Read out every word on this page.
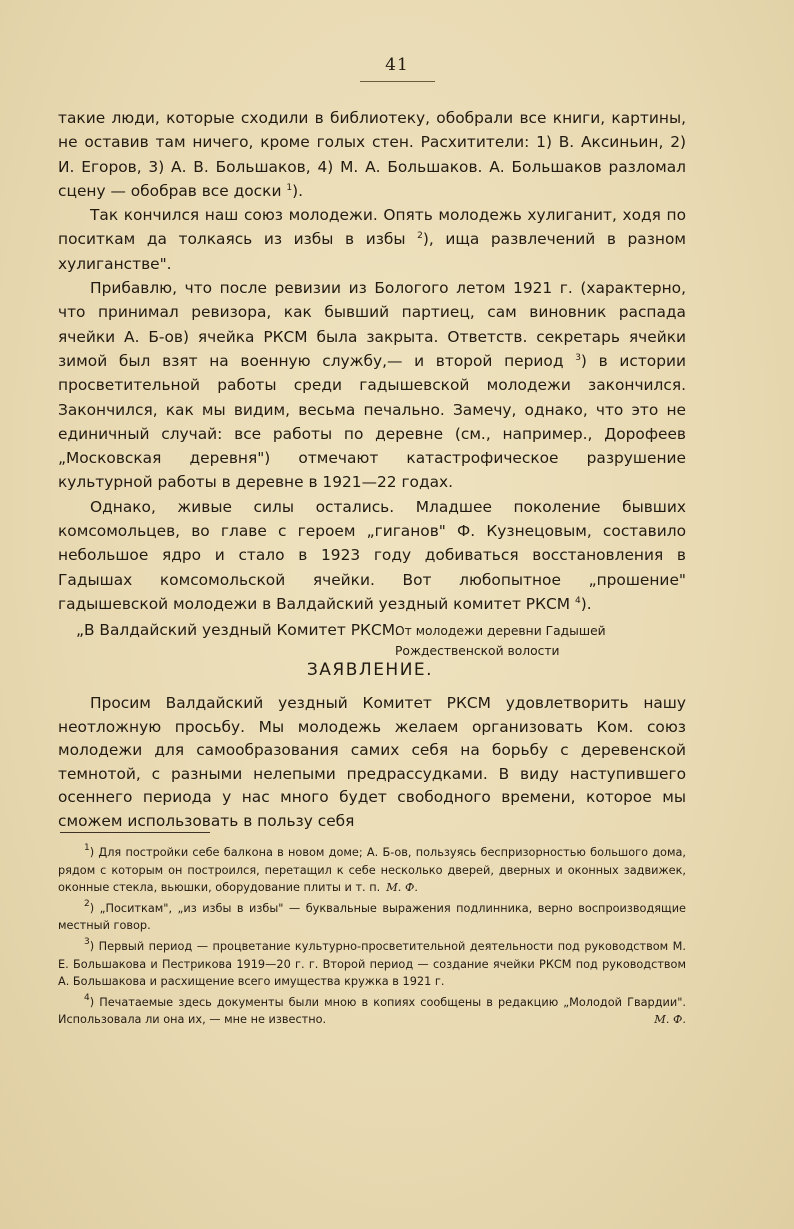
41

такие люди, которые сходили в библиотеку, обобрали все книги, картины, не оставив там ничего, кроме голых стен. Расхитители: 1) В. Аксиньин, 2) И. Егоров, 3) А. В. Большаков, 4) М. А. Большаков. А. Большаков разломал сцену — обобрав все доски $^1$).

Так кончился наш союз молодежи. Опять молодежь хулиганит, ходя по поситкам да толкаясь из избы в избы $^2$), ища развлечений в разном хулиганстве".

Прибавлю, что после ревизии из Бологого летом 1921 г. (характерно, что принимал ревизора, как бывший партиец, сам виновник распада ячейки А. Б-ов) ячейка РКСМ была закрыта. Ответств. секретарь ячейки зимой был взят на военную службу,— и второй период $^3$) в истории просветительной работы среди гадышевской молодежи закончился. Закончился, как мы видим, весьма печально. Замечу, однако, что это не единичный случай: все работы по деревне (см., например., Дорофеев „Московская деревня") отмечают катастрофическое разрушение культурной работы в деревне в 1921—22 годах.

Однако, живые силы остались. Младшее поколение бывших комсомольцев, во главе с героем „гиганов" Ф. Кузнецовым, составило небольшое ядро и стало в 1923 году добиваться восстановления в Гадышах комсомольской ячейки. Вот любопытное „прошение" гадышевской молодежи в Валдайский уездный комитет РКСМ $^4$).

„В Валдайский уездный Комитет РКСМ.

От молодежи деревни Гадышей Рождественской волости
ЗАЯВЛЕНИЕ.

Просим Валдайский уездный Комитет РКСМ удовлетворить нашу неотложную просьбу. Мы молодежь желаем организовать Ком. союз молодежи для самообразования самих себя на борьбу с деревенской темнотой, с разными нелепыми предрассудками. В виду наступившего осеннего периода у нас много будет свободного времени, которое мы сможем использовать в пользу себя

$^1$) Для постройки себе балкона в новом доме; А. Б-ов, пользуясь беспризорностью большого дома, рядом с которым он построился, перетащил к себе несколько дверей, дверных и оконных задвижек, оконные стекла, вьюшки, оборудование плиты и т. п. М. Ф.

$^2$) „Поситкам", „из избы в избы" — буквальные выражения подлинника, верно воспроизводящие местный говор.

$^3$) Первый период — процветание культурно-просветительной деятельности под руководством М. Е. Большакова и Пестрикова 1919—20 г. г. Второй период — создание ячейки РКСМ под руководством А. Большакова и расхищение всего имущества кружка в 1921 г.

$^4$) Печатаемые здесь документы были мною в копиях сообщены в редакцию „Молодой Гвардии". Использовала ли она их, — мне не известно.	М. Ф.
